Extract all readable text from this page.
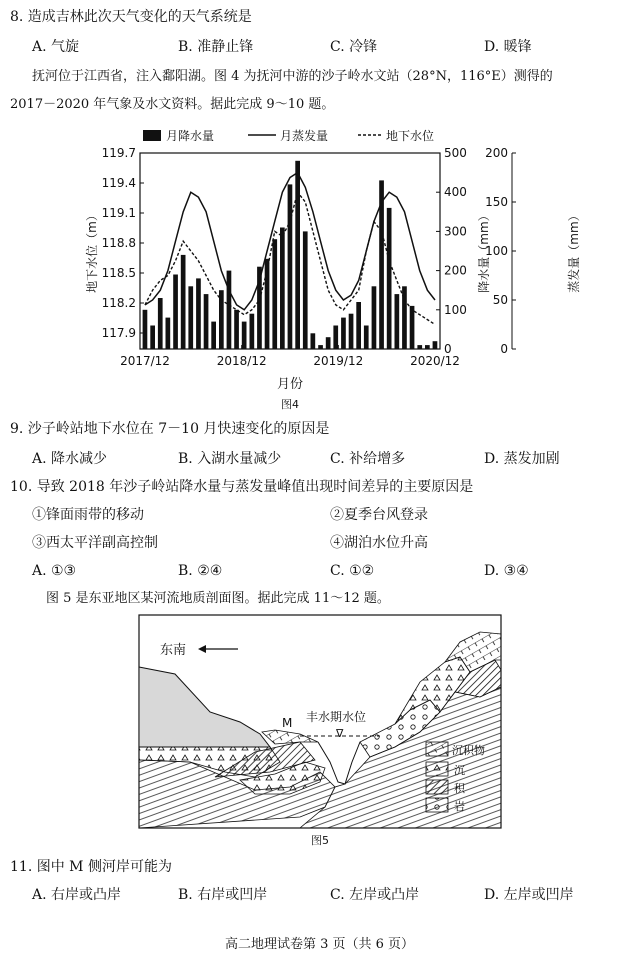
8. 造成吉林此次天气变化的天气系统是
A. 气旋	B. 准静止锋	C. 冷锋	D. 暖锋
抚河位于江西省，注入鄱阳湖。图 4 为抚河中游的沙子岭水文站（28°N，116°E）测得的
2017－2020 年气象及水文资料。据此完成 9～10 题。
月降水量	月蒸发量	地下水位
地下水位（m）	降水量（mm）	蒸发量（mm）
月份
图4
119.7
119.4
119.1
118.8
118.5
118.2
117.9
500
400
300
200
100
0
200
150
100
50
0
2017/12	2018/12	2019/12	2020/12
9. 沙子岭站地下水位在 7－10 月快速变化的原因是
A. 降水减少	B. 入湖水量减少	C. 补给增多	D. 蒸发加剧
10. 导致 2018 年沙子岭站降水量与蒸发量峰值出现时间差异的主要原因是
①锋面雨带的移动	②夏季台风登录
③西太平洋副高控制	④湖泊水位升高
A. ①③	B. ②④	C. ①②	D. ③④
图 5 是东亚地区某河流地质剖面图。据此完成 11～12 题。
东南
∇
丰水期水位
M
沉积物
沉
积
岩
图5
11. 图中 M 侧河岸可能为
A. 右岸或凸岸	B. 右岸或凹岸	C. 左岸或凸岸	D. 左岸或凹岸
高二地理试卷第 3 页（共 6 页）
